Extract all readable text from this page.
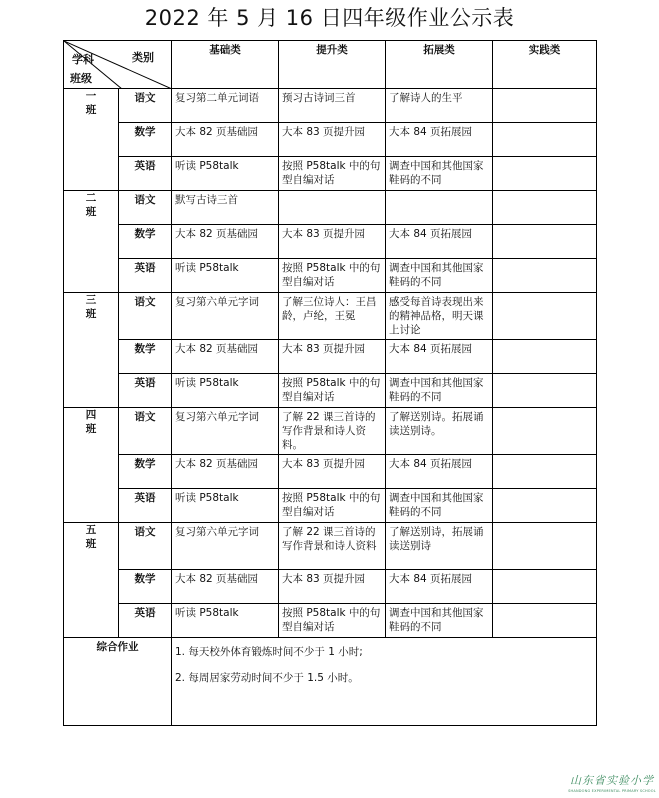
2022 年 5 月 16 日四年级作业公示表
类别
学科
班级		基础类	提升类	拓展类	实践类
一班	语文	复习第二单元词语	预习古诗词三首	了解诗人的生平	
	数学	大本 82 页基础园	大本 83 页提升园	大本 84 页拓展园	
	英语	听读 P58talk	按照 P58talk 中的句型自编对话	调查中国和其他国家鞋码的不同	
二班	语文	默写古诗三首			
	数学	大本 82 页基础园	大本 83 页提升园	大本 84 页拓展园	
	英语	听读 P58talk	按照 P58talk 中的句型自编对话	调查中国和其他国家鞋码的不同	
三班	语文	复习第六单元字词	了解三位诗人：王昌龄，卢纶，王冕	感受每首诗表现出来的精神品格，明天课上讨论	
	数学	大本 82 页基础园	大本 83 页提升园	大本 84 页拓展园	
	英语	听读 P58talk	按照 P58talk 中的句型自编对话	调查中国和其他国家鞋码的不同	
四班	语文	复习第六单元字词	了解 22 课三首诗的写作背景和诗人资料。	了解送别诗。拓展诵读送别诗。	
	数学	大本 82 页基础园	大本 83 页提升园	大本 84 页拓展园	
	英语	听读 P58talk	按照 P58talk 中的句型自编对话	调查中国和其他国家鞋码的不同	
五班	语文	复习第六单元字词	了解 22 课三首诗的写作背景和诗人资料	了解送别诗，拓展诵读送别诗	
	数学	大本 82 页基础园	大本 83 页提升园	大本 84 页拓展园	
	英语	听读 P58talk	按照 P58talk 中的句型自编对话	调查中国和其他国家鞋码的不同	
综合作业		1. 每天校外体育锻炼时间不少于 1 小时;
2. 每周居家劳动时间不少于 1.5 小时。			
山东省实验小学
SHANDONG EXPERIMENTAL PRIMARY SCHOOL
